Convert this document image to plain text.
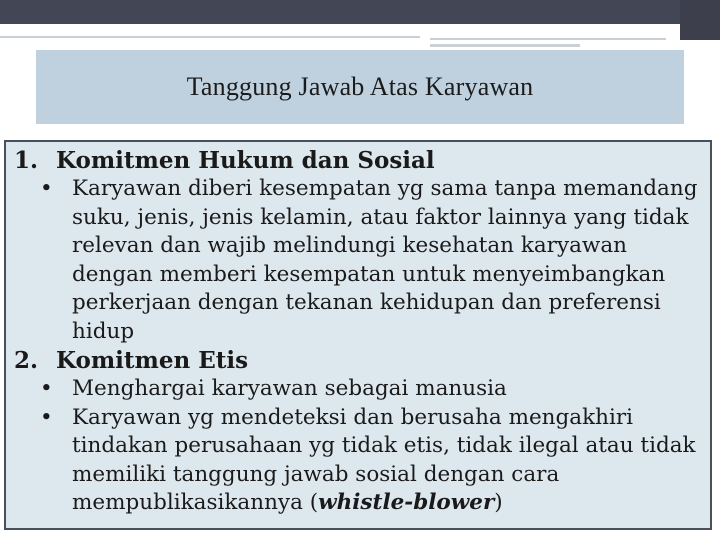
Tanggung Jawab Atas Karyawan
1. Komitmen Hukum dan Sosial
• Karyawan diberi kesempatan yg sama tanpa memandang suku, jenis, jenis kelamin, atau faktor lainnya yang tidak relevan dan wajib melindungi kesehatan karyawan dengan memberi kesempatan untuk menyeimbangkan perkerjaan dengan tekanan kehidupan dan preferensi hidup
2. Komitmen Etis
• Menghargai karyawan sebagai manusia
• Karyawan yg mendeteksi dan berusaha mengakhiri tindakan perusahaan yg tidak etis, tidak ilegal atau tidak memiliki tanggung jawab sosial dengan cara mempublikasikannya (whistle-blower)
